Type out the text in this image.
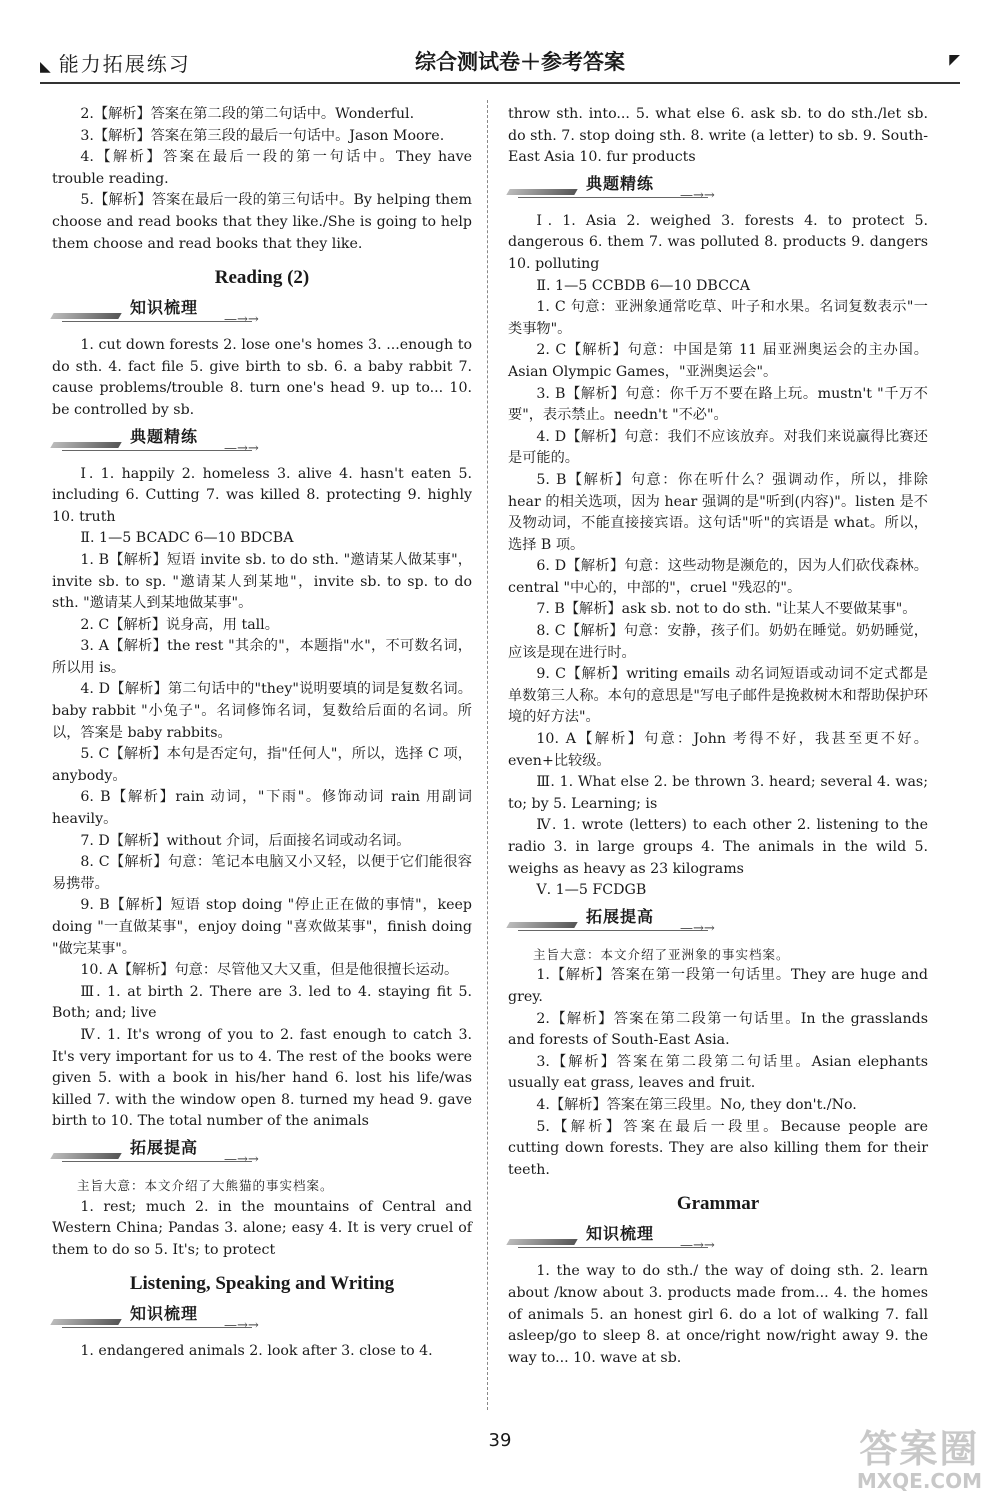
◣ 能力拓展练习	综合测试卷＋参考答案	◤

2.【解析】答案在第二段的第二句话中。Wonderful.

3.【解析】答案在第三段的最后一句话中。Jason Moore.

4.【解析】答案在最后一段的第一句话中。They have trouble reading.

5.【解析】答案在最后一段的第三句话中。By helping them choose and read books that they like./She is going to help them choose and read books that they like.

Reading (2)
知识梳理
—→→

1. cut down forests 2. lose one's homes 3. ...enough to do sth. 4. fact file 5. give birth to sb. 6. a baby rabbit 7. cause problems/trouble 8. turn one's head 9. up to... 10. be controlled by sb.

典题精练
—→→

Ⅰ. 1. happily 2. homeless 3. alive 4. hasn't eaten 5. including 6. Cutting 7. was killed 8. protecting 9. highly 10. truth

Ⅱ. 1—5 BCADC 6—10 BDCBA

1. B【解析】短语 invite sb. to do sth. "邀请某人做某事"，invite sb. to sp. "邀请某人到某地"，invite sb. to sp. to do sth. "邀请某人到某地做某事"。

2. C【解析】说身高，用 tall。

3. A【解析】the rest "其余的"，本题指"水"，不可数名词，所以用 is。

4. D【解析】第二句话中的"they"说明要填的词是复数名词。baby rabbit "小兔子"。名词修饰名词，复数给后面的名词。所以，答案是 baby rabbits。

5. C【解析】本句是否定句，指"任何人"，所以，选择 C 项，anybody。

6. B【解析】rain 动词，"下雨"。修饰动词 rain 用副词 heavily。

7. D【解析】without 介词，后面接名词或动名词。

8. C【解析】句意：笔记本电脑又小又轻，以便于它们能很容易携带。

9. B【解析】短语 stop doing "停止正在做的事情"，keep doing "一直做某事"，enjoy doing "喜欢做某事"，finish doing "做完某事"。

10. A【解析】句意：尽管他又大又重，但是他很擅长运动。

Ⅲ. 1. at birth 2. There are 3. led to 4. staying fit 5. Both; and; live

Ⅳ. 1. It's wrong of you to 2. fast enough to catch 3. It's very important for us to 4. The rest of the books were given 5. with a book in his/her hand 6. lost his life/was killed 7. with the window open 8. turned my head 9. gave birth to 10. The total number of the animals

拓展提高
—→→

主旨大意：本文介绍了大熊猫的事实档案。

1. rest; much 2. in the mountains of Central and Western China; Pandas 3. alone; easy 4. It is very cruel of them to do so 5. It's; to protect

Listening, Speaking and Writing
知识梳理
—→→

1. endangered animals 2. look after 3. close to 4.

throw sth. into... 5. what else 6. ask sb. to do sth./let sb. do sth. 7. stop doing sth. 8. write (a letter) to sb. 9. South-East Asia 10. fur products

典题精练
—→→

Ⅰ. 1. Asia 2. weighed 3. forests 4. to protect 5. dangerous 6. them 7. was polluted 8. products 9. dangers 10. polluting

Ⅱ. 1—5 CCBDB 6—10 DBCCA

1. C 句意：亚洲象通常吃草、叶子和水果。名词复数表示"一类事物"。

2. C【解析】句意：中国是第 11 届亚洲奥运会的主办国。Asian Olympic Games，"亚洲奥运会"。

3. B【解析】句意：你千万不要在路上玩。mustn't "千万不要"，表示禁止。needn't "不必"。

4. D【解析】句意：我们不应该放弃。对我们来说赢得比赛还是可能的。

5. B【解析】句意：你在听什么？强调动作，所以，排除 hear 的相关选项，因为 hear 强调的是"听到(内容)"。listen 是不及物动词，不能直接接宾语。这句话"听"的宾语是 what。所以，选择 B 项。

6. D【解析】句意：这些动物是濒危的，因为人们砍伐森林。central "中心的，中部的"，cruel "残忍的"。

7. B【解析】ask sb. not to do sth. "让某人不要做某事"。

8. C【解析】句意：安静，孩子们。奶奶在睡觉。奶奶睡觉，应该是现在进行时。

9. C【解析】writing emails 动名词短语或动词不定式都是单数第三人称。本句的意思是"写电子邮件是挽救树木和帮助保护环境的好方法"。

10. A【解析】句意：John 考得不好，我甚至更不好。even+比较级。

Ⅲ. 1. What else 2. be thrown 3. heard; several 4. was; to; by 5. Learning; is

Ⅳ. 1. wrote (letters) to each other 2. listening to the radio 3. in large groups 4. The animals in the wild 5. weighs as heavy as 23 kilograms

Ⅴ. 1—5 FCDGB

拓展提高
—→→

主旨大意：本文介绍了亚洲象的事实档案。

1.【解析】答案在第一段第一句话里。They are huge and grey.

2.【解析】答案在第二段第一句话里。In the grasslands and forests of South-East Asia.

3.【解析】答案在第二段第二句话里。Asian elephants usually eat grass, leaves and fruit.

4.【解析】答案在第三段里。No, they don't./No.

5.【解析】答案在最后一段里。Because people are cutting down forests. They are also killing them for their teeth.

Grammar
知识梳理
—→→

1. the way to do sth./ the way of doing sth. 2. learn about /know about 3. products made from... 4. the homes of animals 5. an honest girl 6. do a lot of walking 7. fall asleep/go to sleep 8. at once/right now/right away 9. the way to... 10. wave at sb.

39	答案圈
MXQE.COM
